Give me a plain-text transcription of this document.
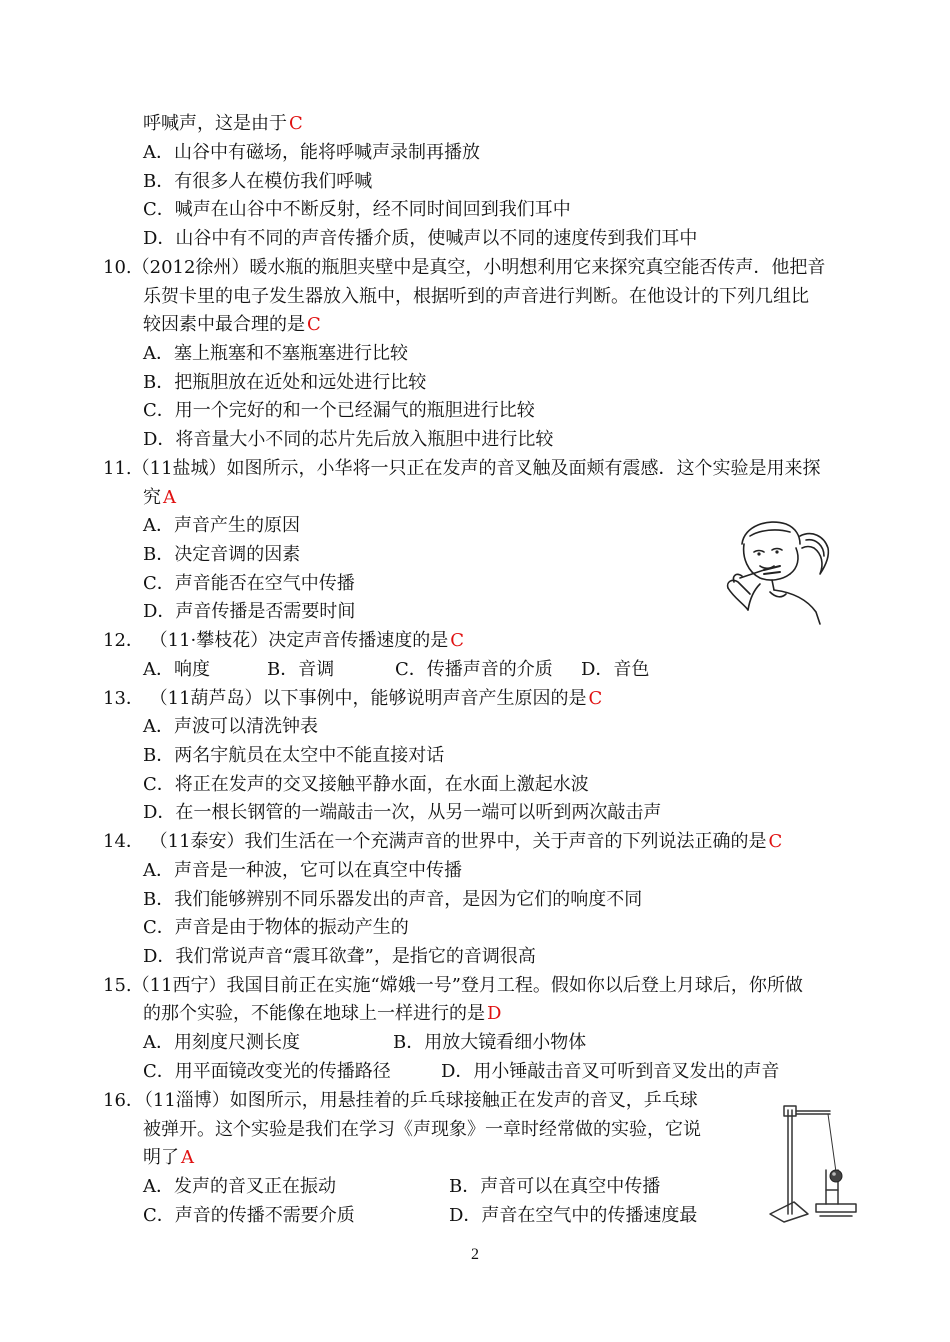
呼喊声，这是由于 C
A．山谷中有磁场，能将呼喊声录制再播放
B．有很多人在模仿我们呼喊
C．喊声在山谷中不断反射，经不同时间回到我们耳中
D．山谷中有不同的声音传播介质，使喊声以不同的速度传到我们耳中
10.（2012徐州）暖水瓶的瓶胆夹壁中是真空，小明想利用它来探究真空能否传声．他把音
乐贺卡里的电子发生器放入瓶中，根据听到的声音进行判断。在他设计的下列几组比
较因素中最合理的是 C
A．塞上瓶塞和不塞瓶塞进行比较
B．把瓶胆放在近处和远处进行比较
C．用一个完好的和一个已经漏气的瓶胆进行比较
D．将音量大小不同的芯片先后放入瓶胆中进行比较
11.（11盐城）如图所示，小华将一只正在发声的音叉触及面颊有震感．这个实验是用来探
究 A
A．声音产生的原因
B．决定音调的因素
C．声音能否在空气中传播
D．声音传播是否需要时间
12． （11·攀枝花）决定声音传播速度的是 C
A．响度	B．音调	C．传播声音的介质 D．音色
13． （11葫芦岛）以下事例中，能够说明声音产生原因的是 C
A．声波可以清洗钟表
B．两名宇航员在太空中不能直接对话
C．将正在发声的交叉接触平静水面，在水面上激起水波
D．在一根长钢管的一端敲击一次，从另一端可以听到两次敲击声
14． （11泰安）我们生活在一个充满声音的世界中，关于声音的下列说法正确的是 C
A．声音是一种波，它可以在真空中传播
B．我们能够辨别不同乐器发出的声音，是因为它们的响度不同
C．声音是由于物体的振动产生的
D．我们常说声音“震耳欲聋”，是指它的音调很高
15.（11西宁）我国目前正在实施“嫦娥一号”登月工程。假如你以后登上月球后，你所做
的那个实验，不能像在地球上一样进行的是 D
A．用刻度尺测长度	B．用放大镜看细小物体
C．用平面镜改变光的传播路径	D．用小锤敲击音叉可听到音叉发出的声音
16．（11淄博）如图所示，用悬挂着的乒乓球接触正在发声的音叉，乒乓球
被弹开。这个实验是我们在学习《声现象》一章时经常做的实验，它说
明了 A
A．发声的音叉正在振动	B．声音可以在真空中传播
C．声音的传播不需要介质	D．声音在空气中的传播速度最
2
